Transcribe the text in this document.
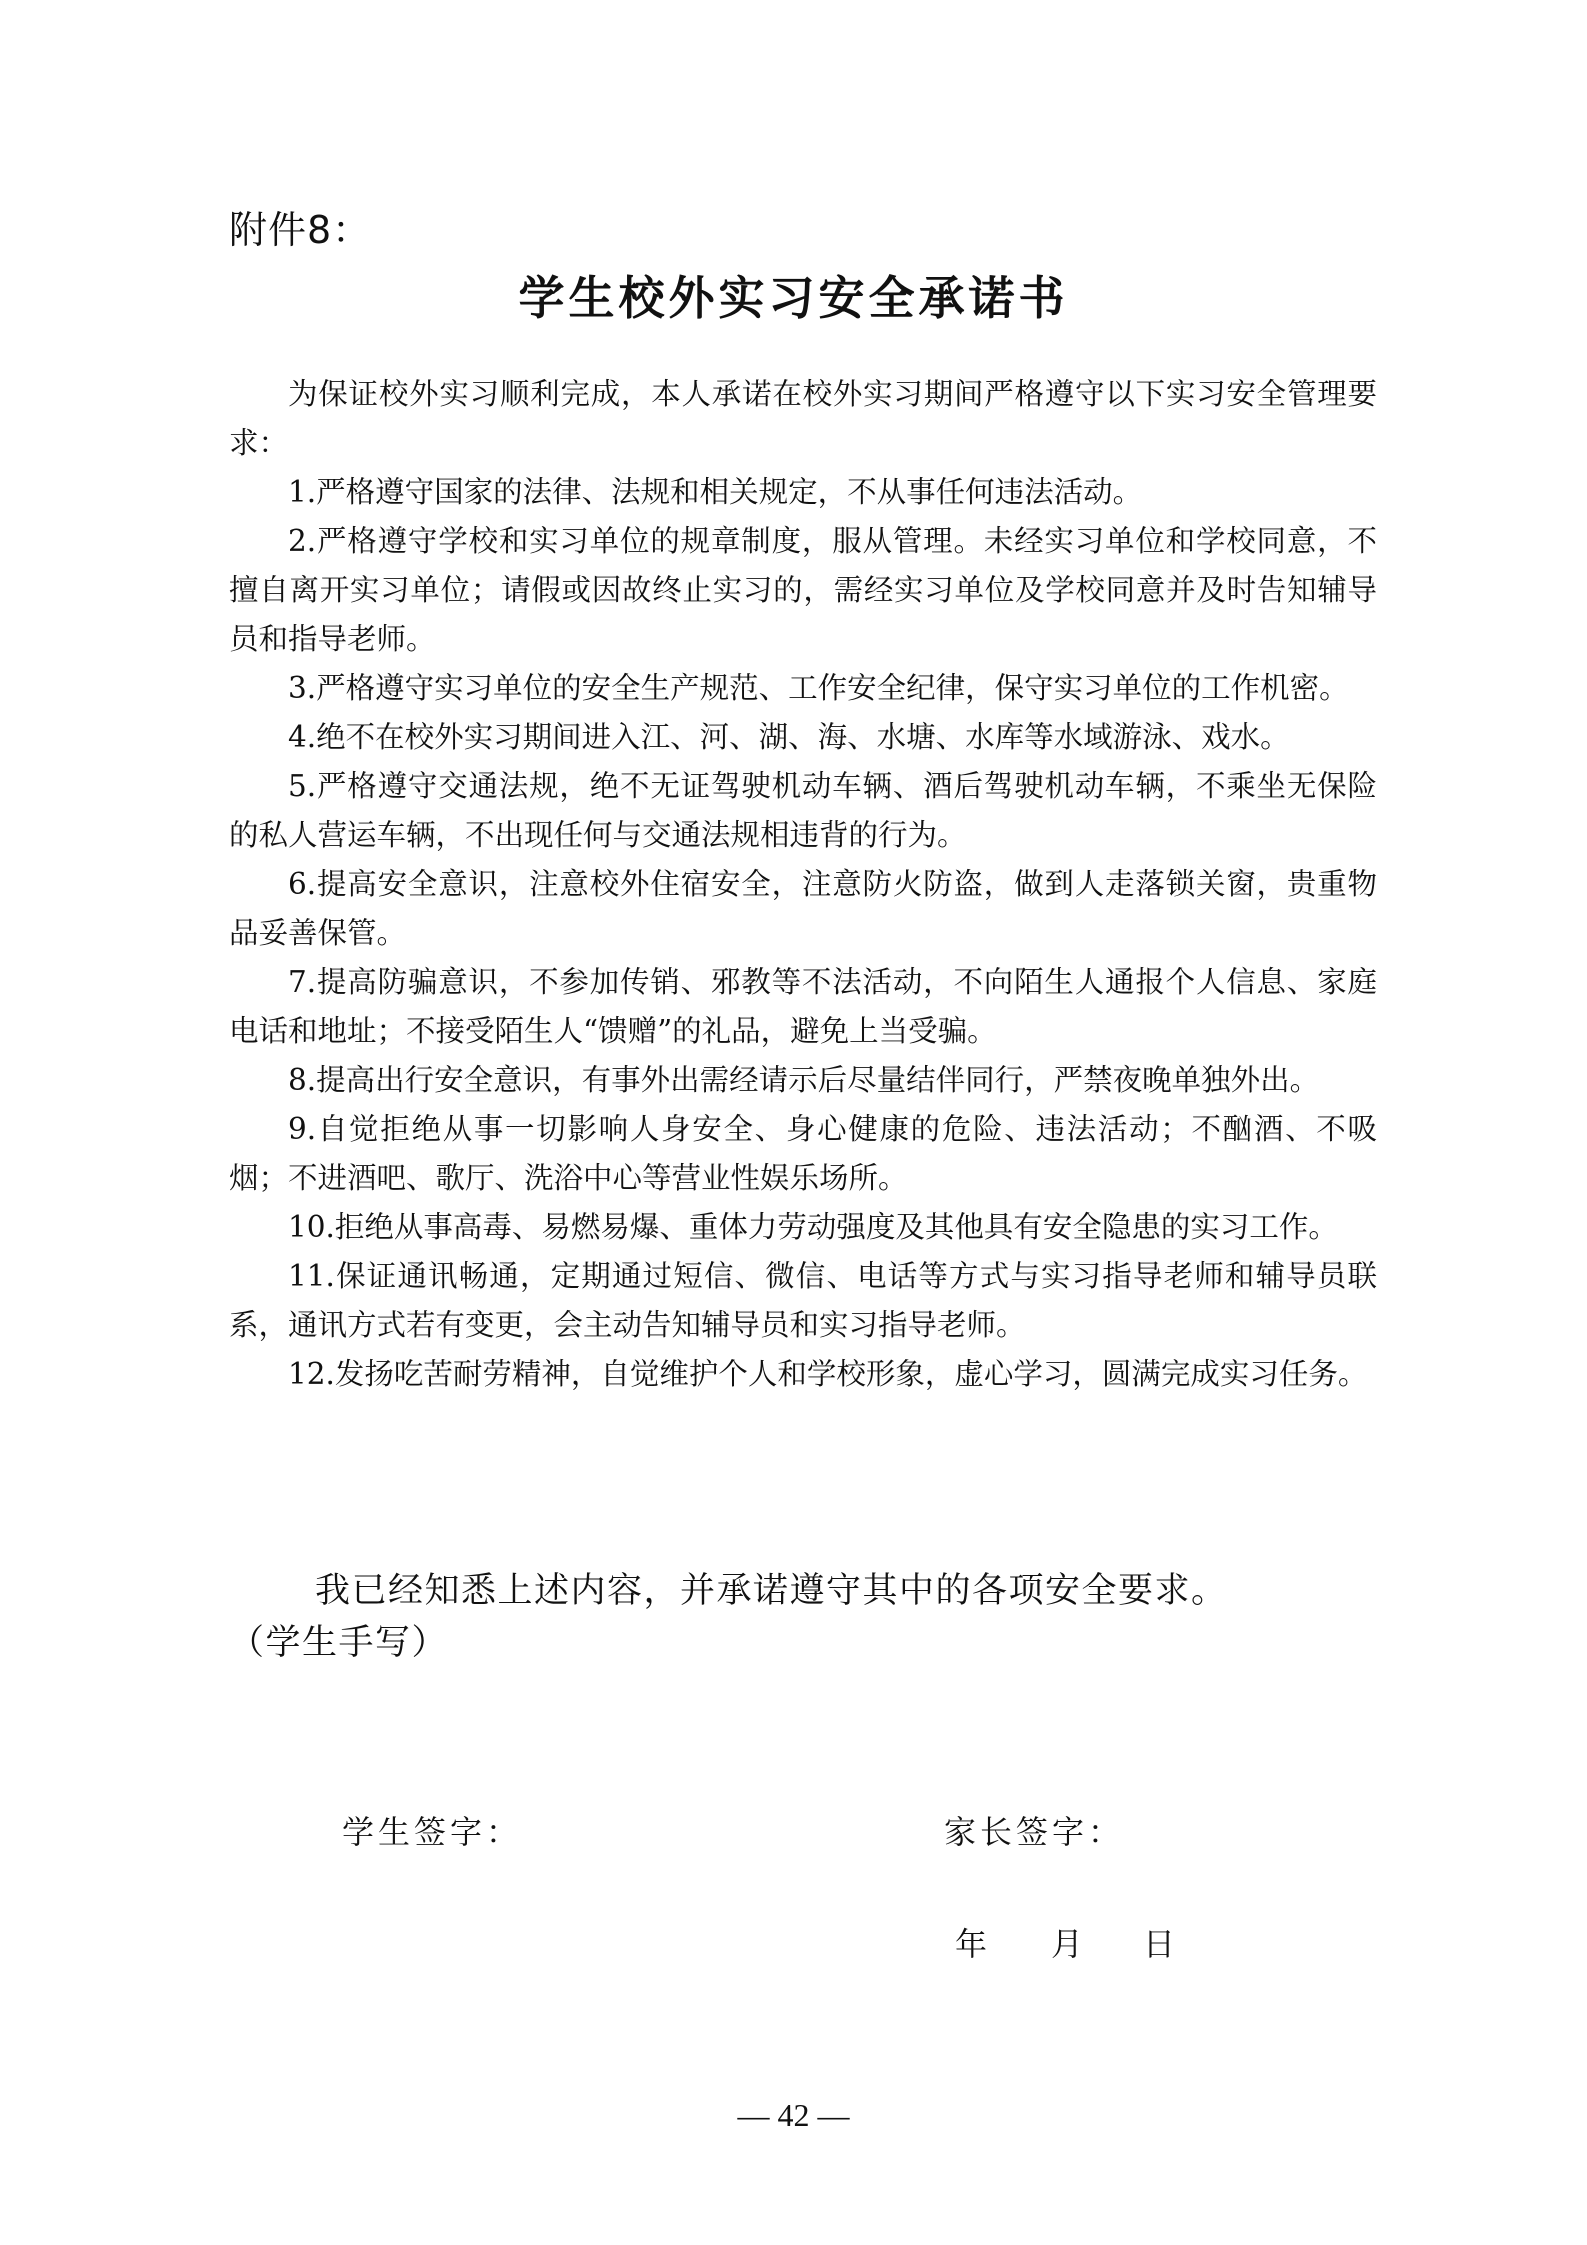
附件8：
学生校外实习安全承诺书

为保证校外实习顺利完成，本人承诺在校外实习期间严格遵守以下实习安全管理要求：

1.严格遵守国家的法律、法规和相关规定，不从事任何违法活动。

2.严格遵守学校和实习单位的规章制度，服从管理。未经实习单位和学校同意，不擅自离开实习单位；请假或因故终止实习的，需经实习单位及学校同意并及时告知辅导员和指导老师。

3.严格遵守实习单位的安全生产规范、工作安全纪律，保守实习单位的工作机密。

4.绝不在校外实习期间进入江、河、湖、海、水塘、水库等水域游泳、戏水。

5.严格遵守交通法规，绝不无证驾驶机动车辆、酒后驾驶机动车辆，不乘坐无保险的私人营运车辆，不出现任何与交通法规相违背的行为。

6.提高安全意识，注意校外住宿安全，注意防火防盗，做到人走落锁关窗，贵重物品妥善保管。

7.提高防骗意识，不参加传销、邪教等不法活动，不向陌生人通报个人信息、家庭电话和地址；不接受陌生人“馈赠”的礼品，避免上当受骗。

8.提高出行安全意识，有事外出需经请示后尽量结伴同行，严禁夜晚单独外出。

9.自觉拒绝从事一切影响人身安全、身心健康的危险、违法活动；不酗酒、不吸烟；不进酒吧、歌厅、洗浴中心等营业性娱乐场所。

10.拒绝从事高毒、易燃易爆、重体力劳动强度及其他具有安全隐患的实习工作。

11.保证通讯畅通，定期通过短信、微信、电话等方式与实习指导老师和辅导员联系，通讯方式若有变更，会主动告知辅导员和实习指导老师。

12.发扬吃苦耐劳精神，自觉维护个人和学校形象，虚心学习，圆满完成实习任务。

我已经知悉上述内容，并承诺遵守其中的各项安全要求。

（学生手写）

学生签字：	家长签字：
年 月 日
— 42 —
